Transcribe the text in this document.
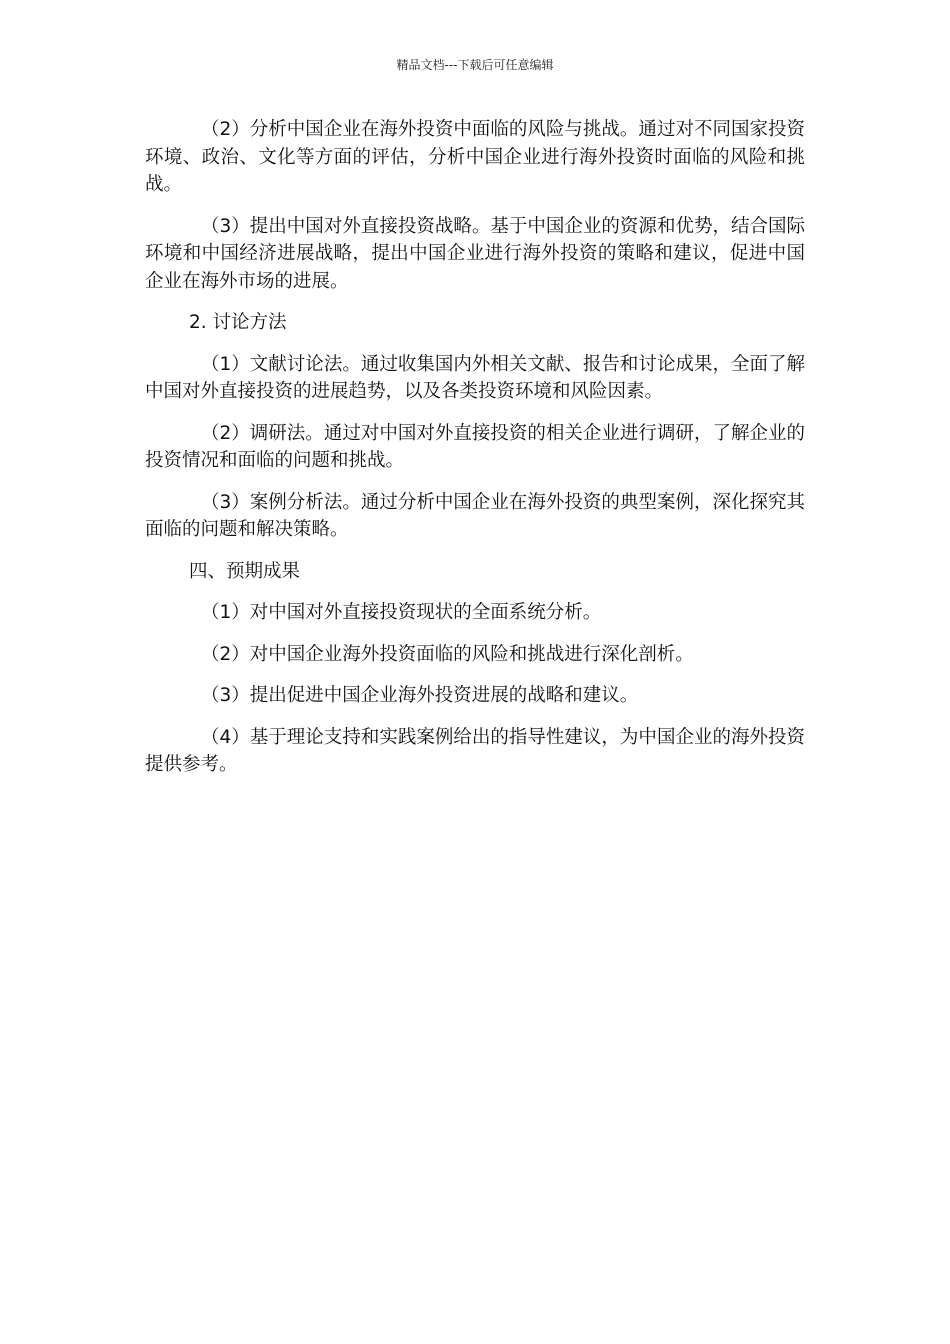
精品文档---下载后可任意编辑

（2）分析中国企业在海外投资中面临的风险与挑战。通过对不同国家投资环境、政治、文化等方面的评估，分析中国企业进行海外投资时面临的风险和挑战。

（3）提出中国对外直接投资战略。基于中国企业的资源和优势，结合国际环境和中国经济进展战略，提出中国企业进行海外投资的策略和建议，促进中国企业在海外市场的进展。

2. 讨论方法

（1）文献讨论法。通过收集国内外相关文献、报告和讨论成果，全面了解中国对外直接投资的进展趋势，以及各类投资环境和风险因素。

（2）调研法。通过对中国对外直接投资的相关企业进行调研，了解企业的投资情况和面临的问题和挑战。

（3）案例分析法。通过分析中国企业在海外投资的典型案例，深化探究其面临的问题和解决策略。

四、预期成果

（1）对中国对外直接投资现状的全面系统分析。

（2）对中国企业海外投资面临的风险和挑战进行深化剖析。

（3）提出促进中国企业海外投资进展的战略和建议。

（4）基于理论支持和实践案例给出的指导性建议，为中国企业的海外投资提供参考。
